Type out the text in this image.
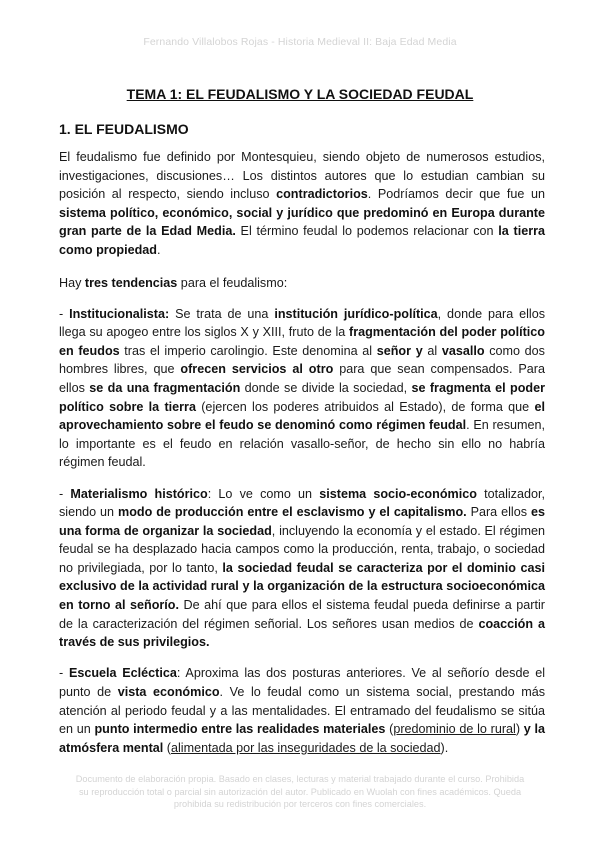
Fernando Villalobos Rojas - Historia Medieval II: Baja Edad Media
TEMA 1: EL FEUDALISMO Y LA SOCIEDAD FEUDAL
1. EL FEUDALISMO

El feudalismo fue definido por Montesquieu, siendo objeto de numerosos estudios, investigaciones, discusiones… Los distintos autores que lo estudian cambian su posición al respecto, siendo incluso contradictorios. Podríamos decir que fue un sistema político, económico, social y jurídico que predominó en Europa durante gran parte de la Edad Media. El término feudal lo podemos relacionar con la tierra como propiedad.

Hay tres tendencias para el feudalismo:

- Institucionalista: Se trata de una institución jurídico-política, donde para ellos llega su apogeo entre los siglos X y XIII, fruto de la fragmentación del poder político en feudos tras el imperio carolingio. Este denomina al señor y al vasallo como dos hombres libres, que ofrecen servicios al otro para que sean compensados. Para ellos se da una fragmentación donde se divide la sociedad, se fragmenta el poder político sobre la tierra (ejercen los poderes atribuidos al Estado), de forma que el aprovechamiento sobre el feudo se denominó como régimen feudal. En resumen, lo importante es el feudo en relación vasallo-señor, de hecho sin ello no habría régimen feudal.

- Materialismo histórico: Lo ve como un sistema socio-económico totalizador, siendo un modo de producción entre el esclavismo y el capitalismo. Para ellos es una forma de organizar la sociedad, incluyendo la economía y el estado. El régimen feudal se ha desplazado hacia campos como la producción, renta, trabajo, o sociedad no privilegiada, por lo tanto, la sociedad feudal se caracteriza por el dominio casi exclusivo de la actividad rural y la organización de la estructura socioeconómica en torno al señorío. De ahí que para ellos el sistema feudal pueda definirse a partir de la caracterización del régimen señorial. Los señores usan medios de coacción a través de sus privilegios.

- Escuela Ecléctica: Aproxima las dos posturas anteriores. Ve al señorío desde el punto de vista económico. Ve lo feudal como un sistema social, prestando más atención al periodo feudal y a las mentalidades. El entramado del feudalismo se sitúa en un punto intermedio entre las realidades materiales (predominio de lo rural) y la atmósfera mental (alimentada por las inseguridades de la sociedad).

Documento de elaboración propia. Basado en clases, lecturas y material trabajado durante el curso. Prohibida su reproducción total o parcial sin autorización del autor. Publicado en Wuolah con fines académicos. Queda prohibida su redistribución por terceros con fines comerciales.
